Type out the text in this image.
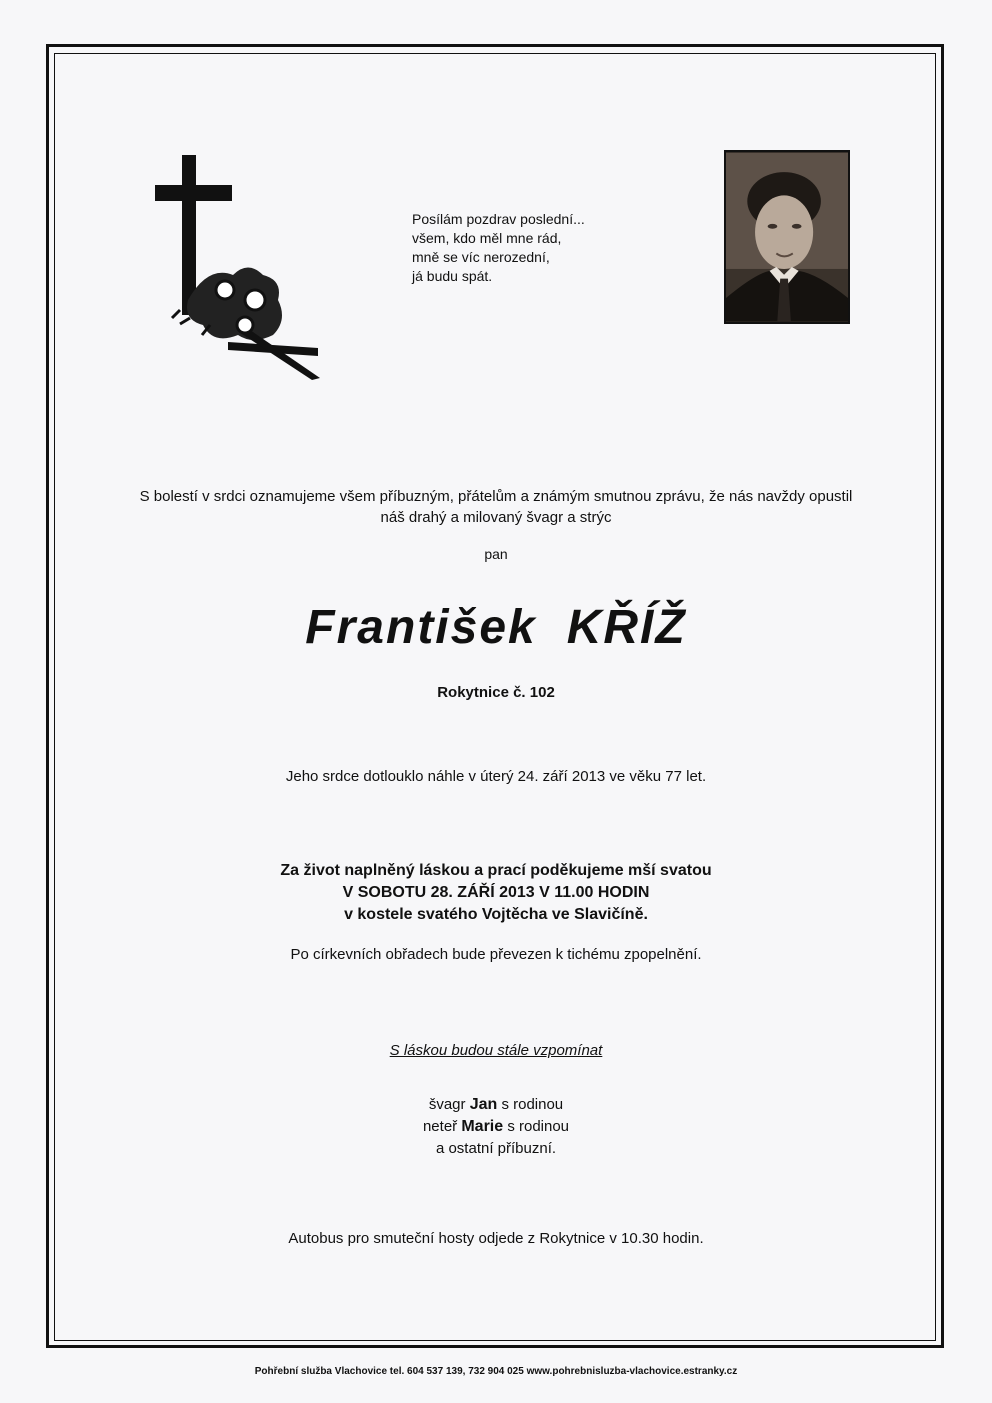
Posílám pozdrav poslední...
všem, kdo měl mne rád,
mně se víc nerozední,
já budu spát.
S bolestí v srdci oznamujeme všem příbuzným, přátelům a známým smutnou zprávu, že nás navždy opustil
náš drahý a milovaný švagr a strýc
pan
František KŘÍŽ
Rokytnice č. 102
Jeho srdce dotlouklo náhle v úterý 24. září 2013 ve věku 77 let.
Za život naplněný láskou a prací poděkujeme mší svatou
V SOBOTU 28. ZÁŘÍ 2013 V 11.00 HODIN
v kostele svatého Vojtěcha ve Slavičíně.
Po církevních obřadech bude převezen k tichému zpopelnění.
S láskou budou stále vzpomínat
švagr Jan s rodinou
neteř Marie s rodinou
a ostatní příbuzní.
Autobus pro smuteční hosty odjede z Rokytnice v 10.30 hodin.
Pohřební služba Vlachovice tel. 604 537 139, 732 904 025 www.pohrebnisluzba-vlachovice.estranky.cz
